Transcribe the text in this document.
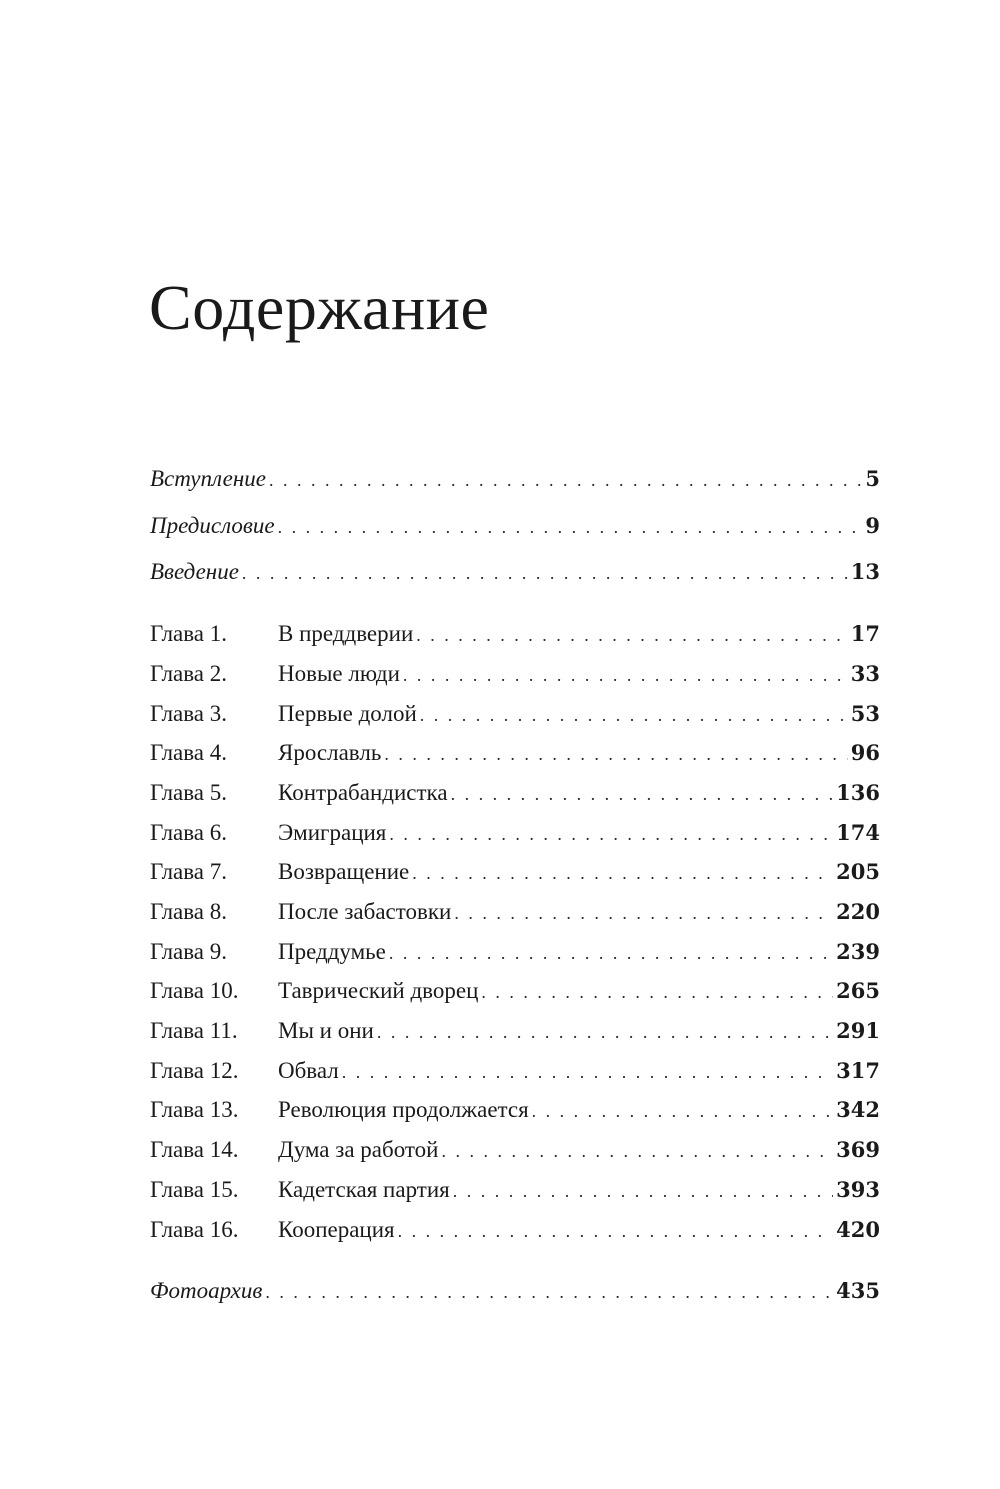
Содержание
Вступление . . .	5
Предисловие . . .	9
Введение . . .	13
Глава 1.	В преддверии . . .	17
Глава 2.	Новые люди . . .	33
Глава 3.	Первые долой . . .	53
Глава 4.	Ярославль . . .	96
Глава 5.	Контрабандистка . . .	136
Глава 6.	Эмиграция . . .	174
Глава 7.	Возвращение . . .	205
Глава 8.	После забастовки . . .	220
Глава 9.	Преддумье . . .	239
Глава 10.	Таврический дворец . . .	265
Глава 11.	Мы и они . . .	291
Глава 12.	Обвал . . .	317
Глава 13.	Революция продолжается . . .	342
Глава 14.	Дума за работой . . .	369
Глава 15.	Кадетская партия . . .	393
Глава 16.	Кооперация . . .	420
Фотоархив . . .	435
